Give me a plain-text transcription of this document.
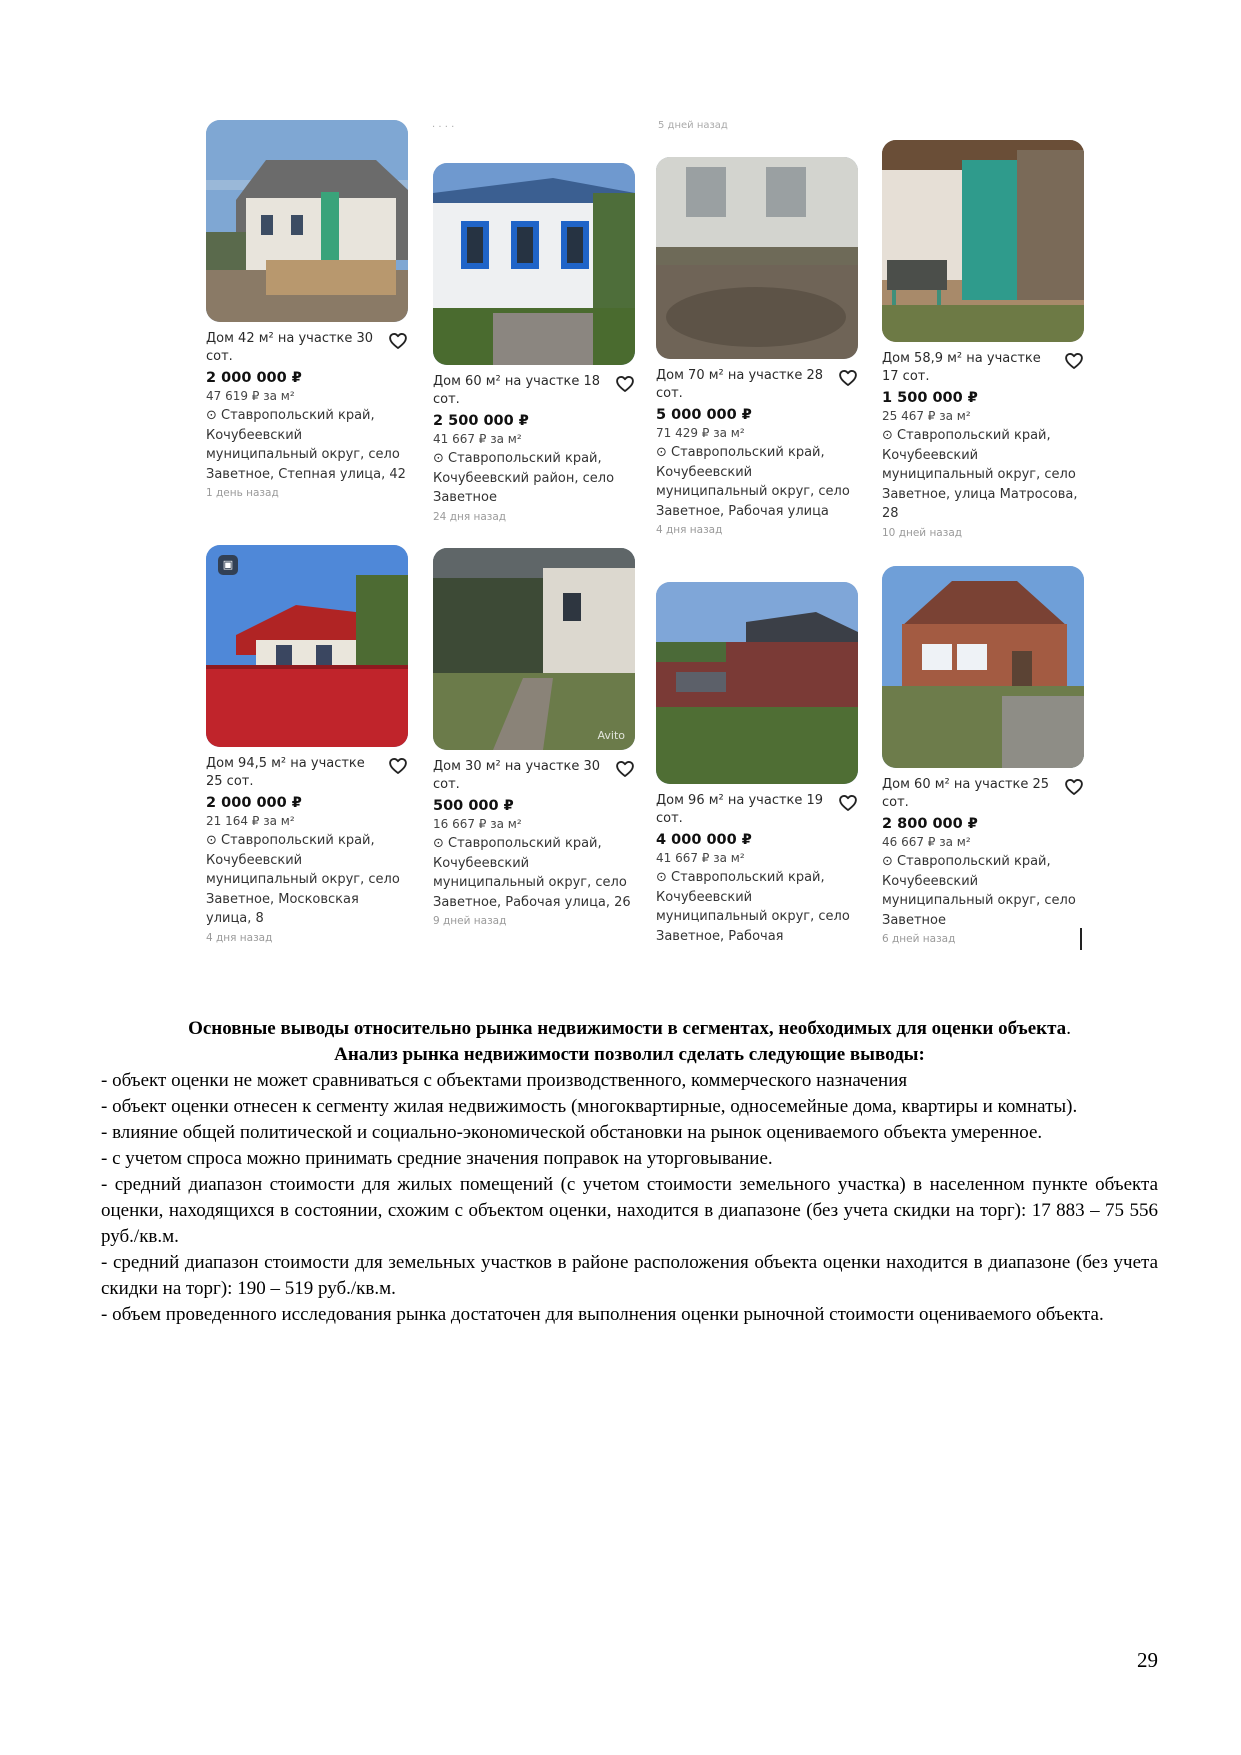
· · · ·	5 дней назад
Дом 42 м² на участке 30 сот.
2 000 000 ₽
47 619 ₽ за м²
⊙ Ставропольский край, Кочубеевский муниципальный округ, село Заветное, Степная улица, 42
1 день назад
Дом 60 м² на участке 18 сот.
2 500 000 ₽
41 667 ₽ за м²
⊙ Ставропольский край, Кочубеевский район, село Заветное
24 дня назад
Дом 70 м² на участке 28 сот.
5 000 000 ₽
71 429 ₽ за м²
⊙ Ставропольский край, Кочубеевский муниципальный округ, село Заветное, Рабочая улица
4 дня назад
Дом 58,9 м² на участке 17 сот.
1 500 000 ₽
25 467 ₽ за м²
⊙ Ставропольский край, Кочубеевский муниципальный округ, село Заветное, улица Матросова, 28
10 дней назад
▣
Дом 94,5 м² на участке 25 сот.
2 000 000 ₽
21 164 ₽ за м²
⊙ Ставропольский край, Кочубеевский муниципальный округ, село Заветное, Московская улица, 8
4 дня назад
Avito
Дом 30 м² на участке 30 сот.
500 000 ₽
16 667 ₽ за м²
⊙ Ставропольский край, Кочубеевский муниципальный округ, село Заветное, Рабочая улица, 26
9 дней назад
Дом 96 м² на участке 19 сот.
4 000 000 ₽
41 667 ₽ за м²
⊙ Ставропольский край, Кочубеевский муниципальный округ, село Заветное, Рабочая
Дом 60 м² на участке 25 сот.
2 800 000 ₽
46 667 ₽ за м²
⊙ Ставропольский край, Кочубеевский муниципальный округ, село Заветное
6 дней назад
Основные выводы относительно рынка недвижимости в сегментах, необходимых для оценки объекта.
Анализ рынка недвижимости позволил сделать следующие выводы:

- объект оценки не может сравниваться с объектами производственного, коммерческого назначения

- объект оценки отнесен к сегменту жилая недвижимость (многоквартирные, односемейные дома, квартиры и комнаты).

- влияние общей политической и социально-экономической обстановки на рынок оцениваемого объекта умеренное.

- с учетом спроса можно принимать средние значения поправок на уторговывание.

- средний диапазон стоимости для жилых помещений (с учетом стоимости земельного участка) в населенном пункте объекта оценки, находящихся в состоянии, схожим с объектом оценки, находится в диапазоне (без учета скидки на торг): 17 883 – 75 556 руб./кв.м.

- средний диапазон стоимости для земельных участков в районе расположения объекта оценки находится в диапазоне (без учета скидки на торг): 190 – 519 руб./кв.м.

- объем проведенного исследования рынка достаточен для выполнения оценки рыночной стоимости оцениваемого объекта.

29
